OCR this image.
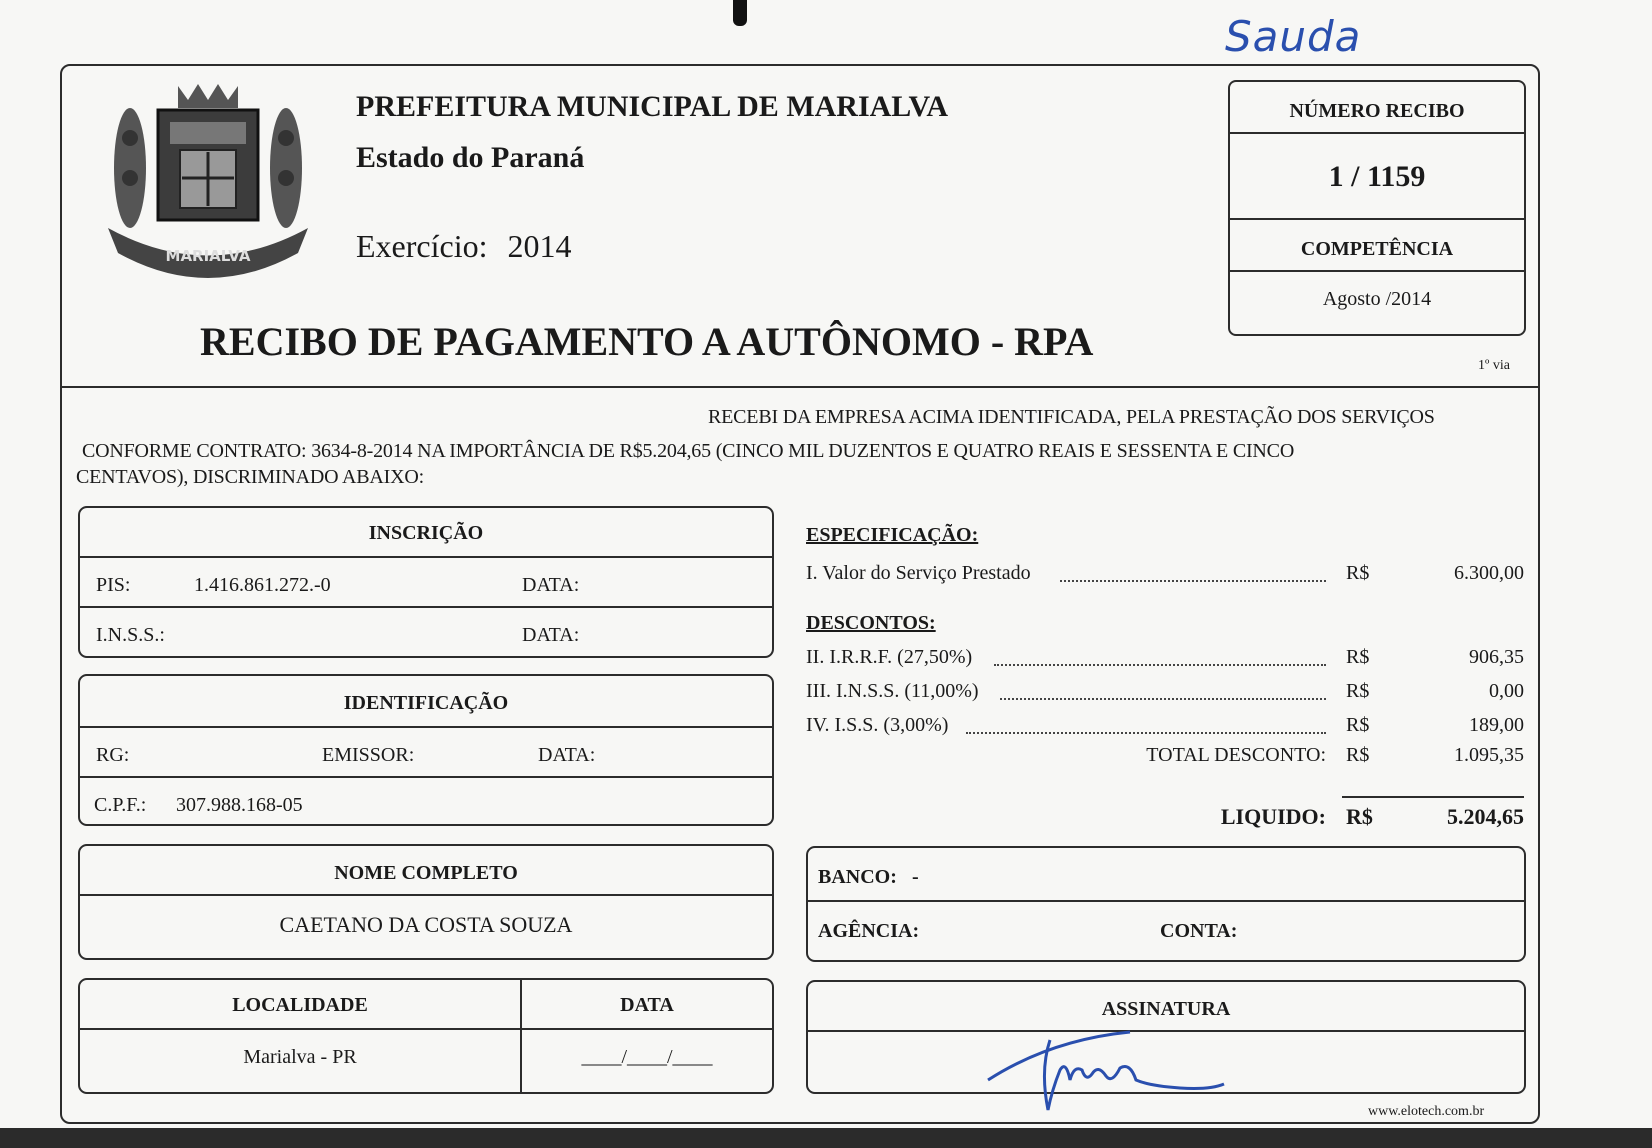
Sauda
MARIALVA
PREFEITURA MUNICIPAL DE MARIALVA
Estado do Paraná
Exercício: 2014
RECIBO DE PAGAMENTO A AUTÔNOMO - RPA
NÚMERO RECIBO
1 / 1159
COMPETÊNCIA
Agosto /2014
1º via
RECEBI DA EMPRESA ACIMA IDENTIFICADA, PELA PRESTAÇÃO DOS SERVIÇOS
CONFORME CONTRATO: 3634-8-2014 NA IMPORTÂNCIA DE R$5.204,65 (CINCO MIL DUZENTOS E QUATRO REAIS E SESSENTA E CINCO
CENTAVOS), DISCRIMINADO ABAIXO:
INSCRIÇÃO
PIS:	1.416.861.272.-0	DATA:
I.N.S.S.:	DATA:
IDENTIFICAÇÃO
RG:	EMISSOR:	DATA:
C.P.F.: 307.988.168-05
NOME COMPLETO
CAETANO DA COSTA SOUZA
LOCALIDADE	DATA
Marialva - PR	____/____/____
ESPECIFICAÇÃO:
I. Valor do Serviço Prestado	R$	6.300,00
DESCONTOS:
II. I.R.R.F. (27,50%)	R$	906,35
III. I.N.S.S. (11,00%)	R$	0,00
IV. I.S.S. (3,00%)	R$	189,00
TOTAL DESCONTO: R$	1.095,35
LIQUIDO: R$	5.204,65
BANCO: -
AGÊNCIA:	CONTA:
ASSINATURA
www.elotech.com.br
